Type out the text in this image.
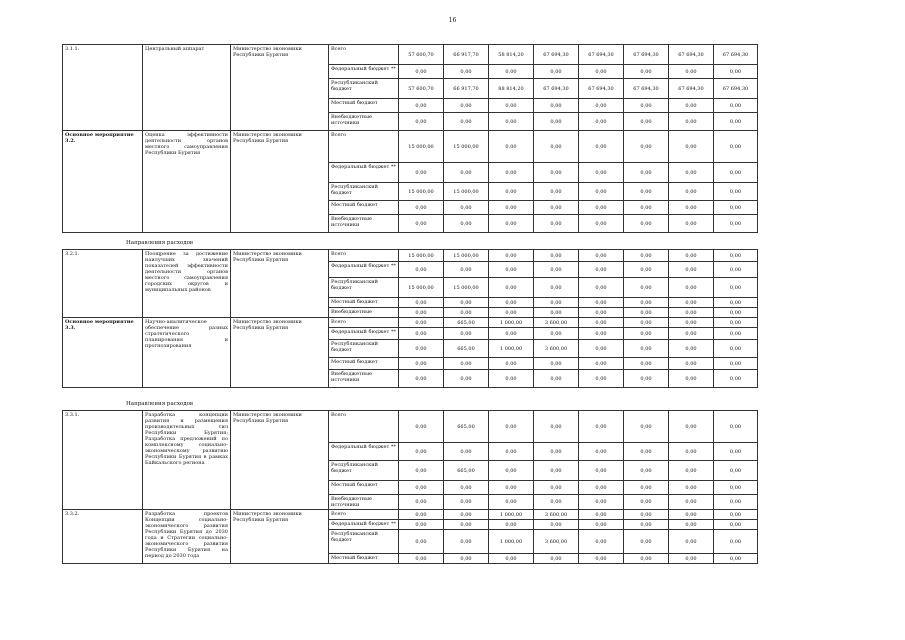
16
3.1.1.	Центральный аппарат	Министерство экономики Республики Бурятия	Всего	57 600,70	66 917,70	58 814,20	67 694,30	67 694,30	67 694,30	67 694,30	67 694,30
			Федеральный бюджет **	0,00	0,00	0,00	0,00	0,00	0,00	0,00	0,00
			Республиканский бюджет	57 600,70	66 917,70	88 814,20	67 694,30	67 694,30	67 694,30	67 694,30	67 694,30
			Местный бюджет	0,00	0,00	0,00	0,00	0,00	0,00	0,00	0,00
			Внебюджетные источники	0,00	0,00	0,00	0,00	0,00	0,00	0,00	0,00
Основное мероприятие 3.2.	Оценка эффективности деятельности органов местного самоуправления Республики Бурятия	Министерство экономики Республики Бурятия	Всего	15 000,00	15 000,00	0,00	0,00	0,00	0,00	0,00	0,00
			Федеральный бюджет **	0,00	0,00	0,00	0,00	0,00	0,00	0,00	0,00
			Республиканский бюджет	15 000,00	15 000,00	0,00	0,00	0,00	0,00	0,00	0,00
			Местный бюджет	0,00	0,00	0,00	0,00	0,00	0,00	0,00	0,00
			Внебюджетные источники	0,00	0,00	0,00	0,00	0,00	0,00	0,00	0,00
Направления расходов
3.2.1.	Поощрение за достижение наилучших значений показателей эффективности деятельности органов местного самоуправления городских округов и муниципальных районов	Министерство экономики Республики Бурятия	Всего	15 000,00	15 000,00	0,00	0,00	0,00	0,00	0,00	0,00
			Федеральный бюджет **	0,00	0,00	0,00	0,00	0,00	0,00	0,00	0,00
			Республиканский бюджет	15 000,00	15 000,00	0,00	0,00	0,00	0,00	0,00	0,00
			Местный бюджет	0,00	0,00	0,00	0,00	0,00	0,00	0,00	0,00
			Внебюджетные	0,00	0,00	0,00	0,00	0,00	0,00	0,00	0,00
Основное мероприятие 3.3.	Научно-аналитическое обеспечение разных стратегического планирования и прогнозирования	Министерство экономики Республики Бурятия	Всего	0,00	665,00	1 000,00	3 600,00	0,00	0,00	0,00	0,00
			Федеральный бюджет **	0,00	0,00	0,00	0,00	0,00	0,00	0,00	0,00
			Республиканский бюджет	0,00	665,00	1 000,00	3 600,00	0,00	0,00	0,00	0,00
			Местный бюджет	0,00	0,00	0,00	0,00	0,00	0,00	0,00	0,00
			Внебюджетные источники	0,00	0,00	0,00	0,00	0,00	0,00	0,00	0,00
Направления расходов
3.3.1.	Разработка концепции развития и размещения производительных сил Республики Бурятия; Разработка предложений по комплексному социально-экономическому развитию Республики Бурятия в рамках Байкальского региона	Министерство экономики Республики Бурятия	Всего	0,00	665,00	0,00	0,00	0,00	0,00	0,00	0,00
			Федеральный бюджет **	0,00	0,00	0,00	0,00	0,00	0,00	0,00	0,00
			Республиканский бюджет	0,00	665,00	0,00	0,00	0,00	0,00	0,00	0,00
			Местный бюджет	0,00	0,00	0,00	0,00	0,00	0,00	0,00	0,00
			Внебюджетные источники	0,00	0,00	0,00	0,00	0,00	0,00	0,00	0,00
3.3.2.	Разработка проектов Концепции социально-экономического развития Республики Бурятия до 2030 года и Стратегии социально-экономического развития Республики Бурятия на период до 2030 года	Министерство экономики Республики Бурятия	Всего	0,00	0,00	1 000,00	3 600,00	0,00	0,00	0,00	0,00
			Федеральный бюджет **	0,00	0,00	0,00	0,00	0,00	0,00	0,00	0,00
			Республиканский бюджет	0,00	0,00	1 000,00	3 600,00	0,00	0,00	0,00	0,00
			Местный бюджет	0,00	0,00	0,00	0,00	0,00	0,00	0,00	0,00
